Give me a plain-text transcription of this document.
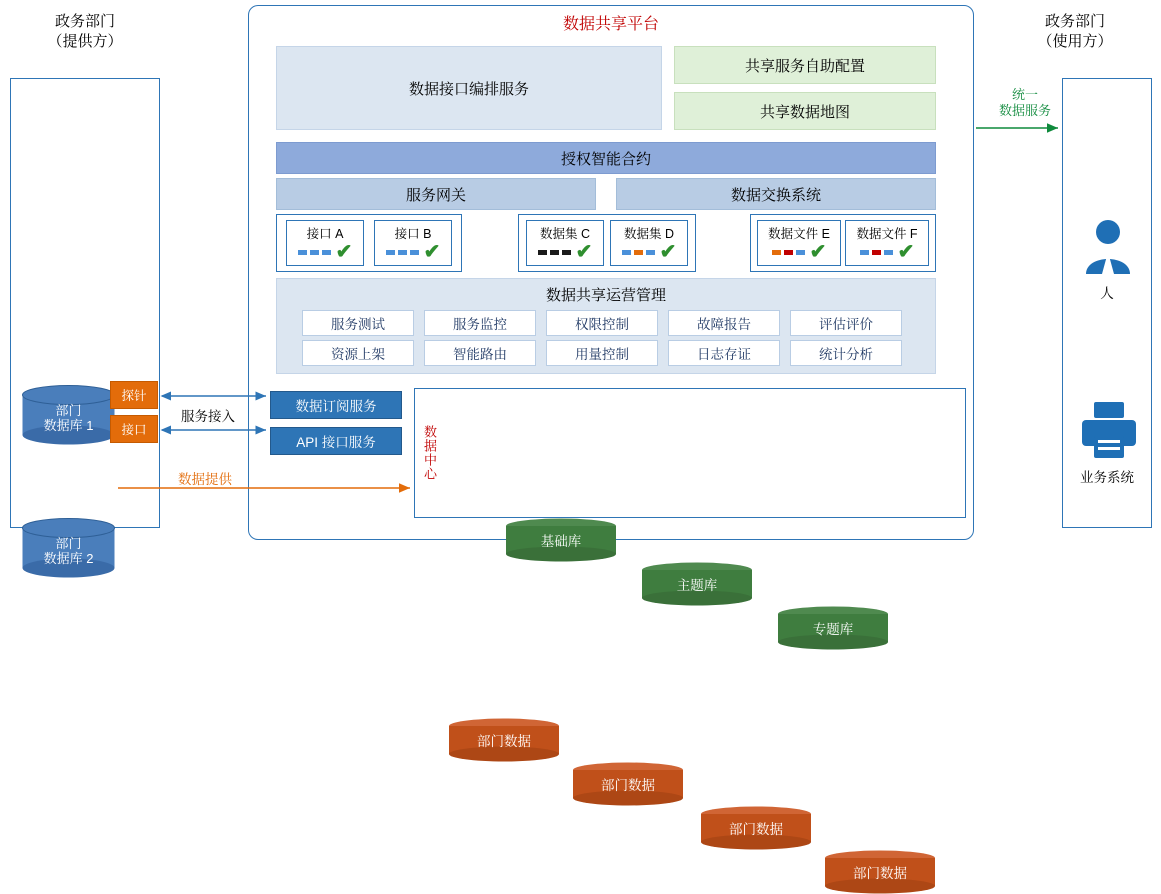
政务部门
（提供方）
部门
数据库 1
部门
数据库 2
探针
接口
服务接入
数据提供
数据共享平台
数据接口编排服务
共享服务自助配置
共享数据地图
授权智能合约
服务网关	数据交换系统
接口 A
✔
接口 B
✔
数据集 C
✔
数据集 D
✔
数据文件 E
✔
数据文件 F
✔
数据共享运营管理
服务测试	服务监控	权限控制	故障报告	评估评价
资源上架	智能路由	用量控制	日志存证	统计分析
数据订阅服务
API 接口服务	数据中心
基础库
主题库
专题库
部门数据
部门数据
部门数据
部门数据
政务部门
（使用方）
人
业务系统
统一
数据服务
